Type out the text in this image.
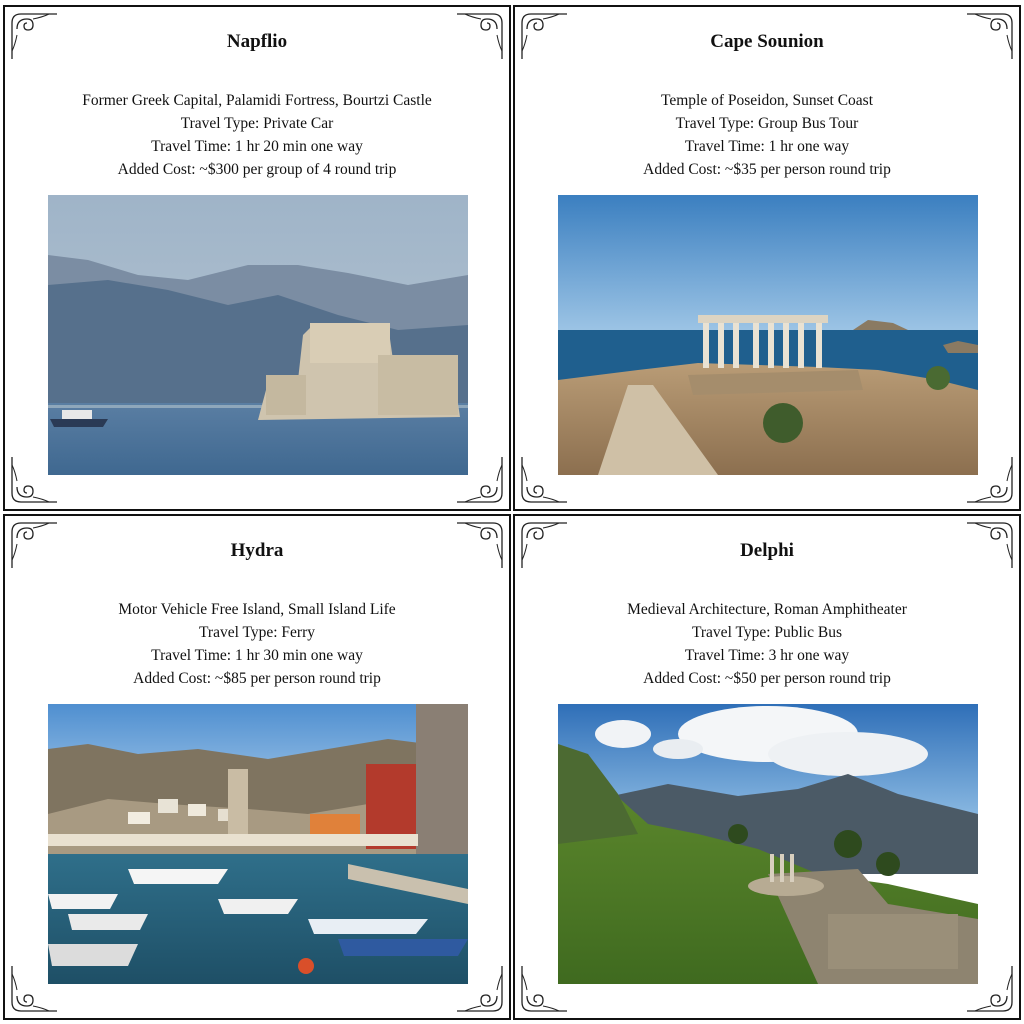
Napflio
Former Greek Capital, Palamidi Fortress, Bourtzi Castle
Travel Type: Private Car
Travel Time: 1 hr 20 min one way
Added Cost: ~$300 per group of 4 round trip
Cape Sounion
Temple of Poseidon, Sunset Coast
Travel Type: Group Bus Tour
Travel Time: 1 hr one way
Added Cost: ~$35 per person round trip
Hydra
Motor Vehicle Free Island, Small Island Life
Travel Type: Ferry
Travel Time: 1 hr 30 min one way
Added Cost: ~$85 per person round trip
Delphi
Medieval Architecture, Roman Amphitheater
Travel Type: Public Bus
Travel Time: 3 hr one way
Added Cost: ~$50 per person round trip
